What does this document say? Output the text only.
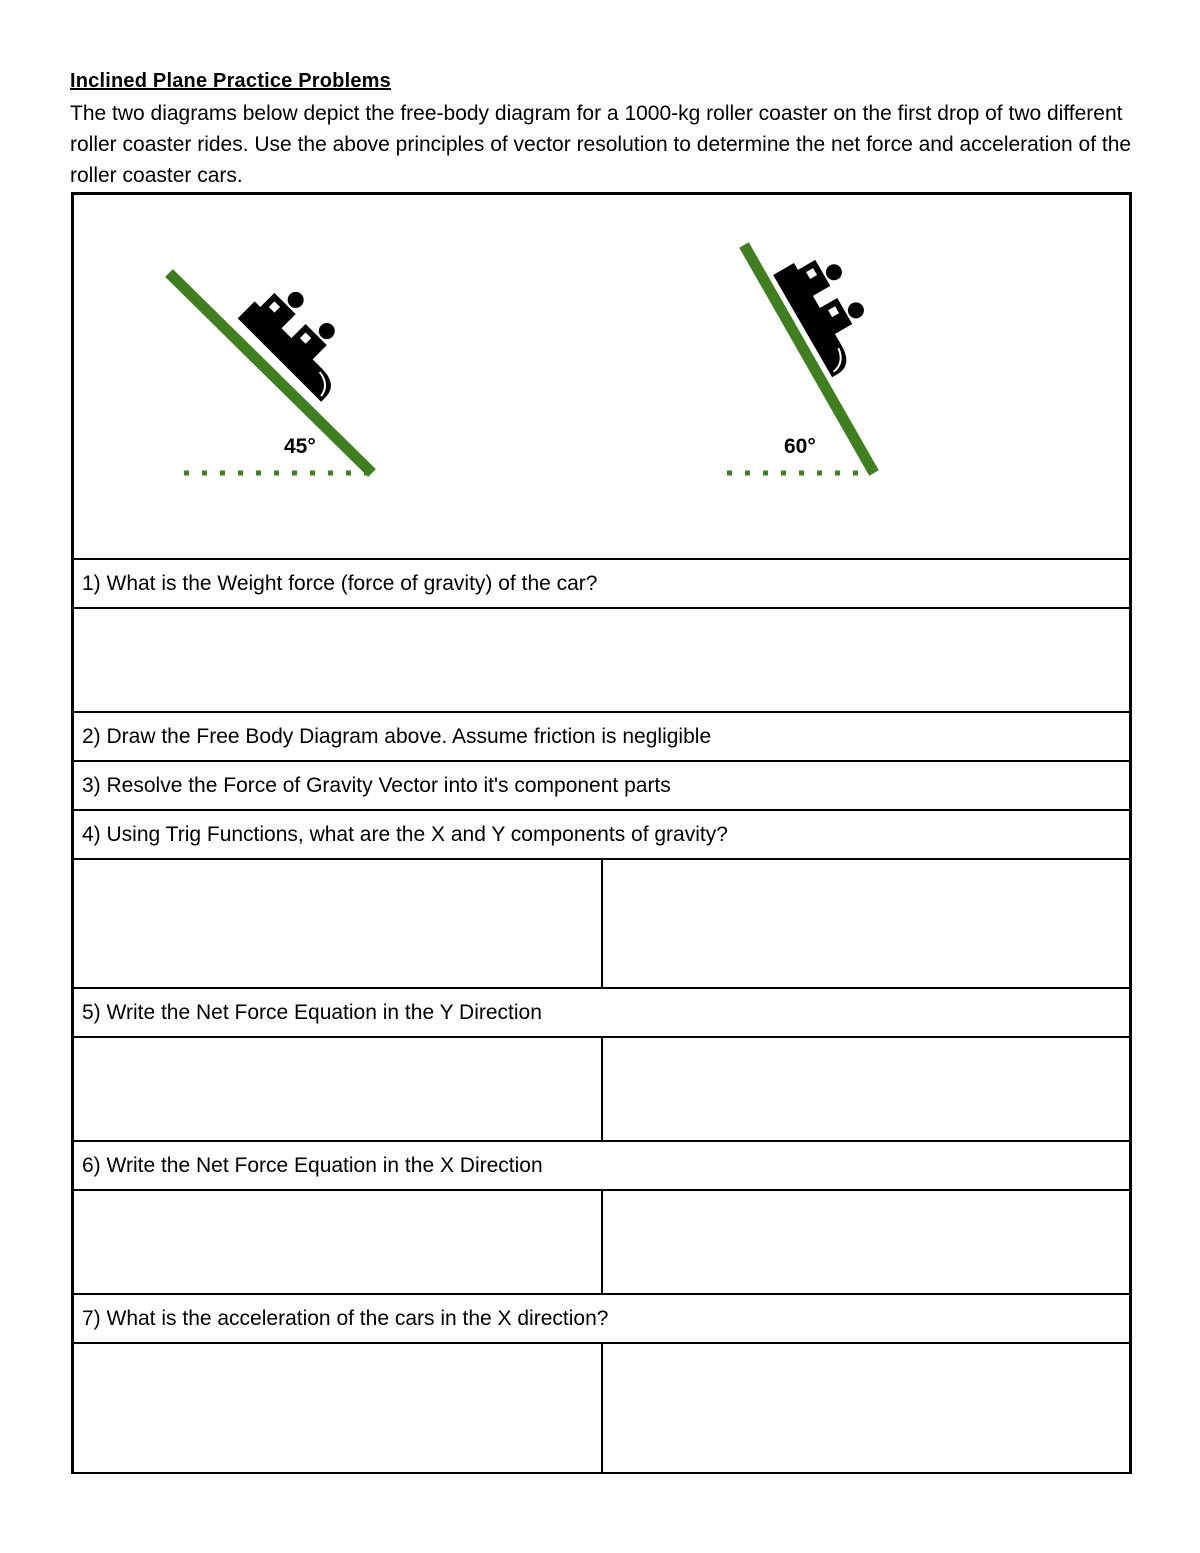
Inclined Plane Practice Problems
The two diagrams below depict the free-body diagram for a 1000-kg roller coaster on the first drop of two different roller coaster rides. Use the above principles of vector resolution to determine the net force and acceleration of the roller coaster cars.
45°	60°
1) What is the Weight force (force of gravity) of the car?
2) Draw the Free Body Diagram above. Assume friction is negligible
3) Resolve the Force of Gravity Vector into it's component parts
4) Using Trig Functions, what are the X and Y components of gravity?
5) Write the Net Force Equation in the Y Direction
6) Write the Net Force Equation in the X Direction
7) What is the acceleration of the cars in the X direction?
